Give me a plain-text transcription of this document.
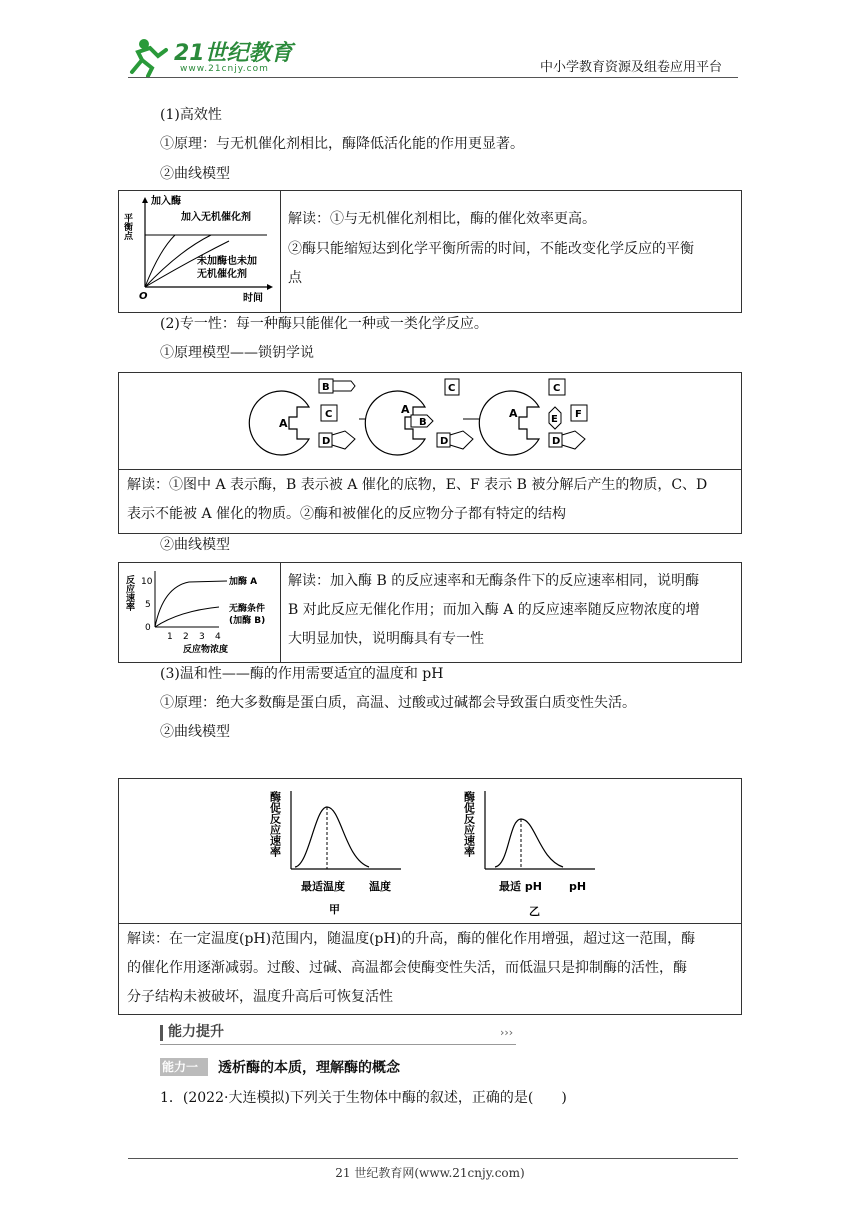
21世纪教育
www.21cnjy.com	中小学教育资源及组卷应用平台
(1)高效性
①原理：与无机催化剂相比，酶降低活化能的作用更显著。
②曲线模型
平衡点
加入酶
加入无机催化剂
未加酶也未加
无机催化剂
O	时间
解读：①与无机催化剂相比，酶的催化效率更高。
②酶只能缩短达到化学平衡所需的时间，不能改变化学反应的平衡
点
(2)专一性：每一种酶只能催化一种或一类化学反应。
①原理模型——锁钥学说
A
B
C
D
A
B
C
D
A
C
E F
D
解读：①图中 A 表示酶，B 表示被 A 催化的底物，E、F 表示 B 被分解后产生的物质，C、D
表示不能被 A 催化的物质。②酶和被催化的反应物分子都有特定的结构
②曲线模型
反应速率 10
5
0
1 2 3 4
反应物浓度
加酶 A
无酶条件
(加酶 B)
解读：加入酶 B 的反应速率和无酶条件下的反应速率相同，说明酶
B 对此反应无催化作用；而加入酶 A 的反应速率随反应物浓度的增
大明显加快，说明酶具有专一性
(3)温和性——酶的作用需要适宜的温度和 pH
①原理：绝大多数酶是蛋白质，高温、过酸或过碱都会导致蛋白质变性失活。
②曲线模型
酶促反应速率
最适温度 温度
甲
酶促反应速率
最适 pH pH
乙
解读：在一定温度(pH)范围内，随温度(pH)的升高，酶的催化作用增强，超过这一范围，酶
的催化作用逐渐减弱。过酸、过碱、高温都会使酶变性失活，而低温只是抑制酶的活性，酶
分子结构未被破坏，温度升高后可恢复活性
能力提升	›››
能力一 透析酶的本质，理解酶的概念
1．(2022·大连模拟)下列关于生物体中酶的叙述，正确的是(　　)
21 世纪教育网(www.21cnjy.com)
